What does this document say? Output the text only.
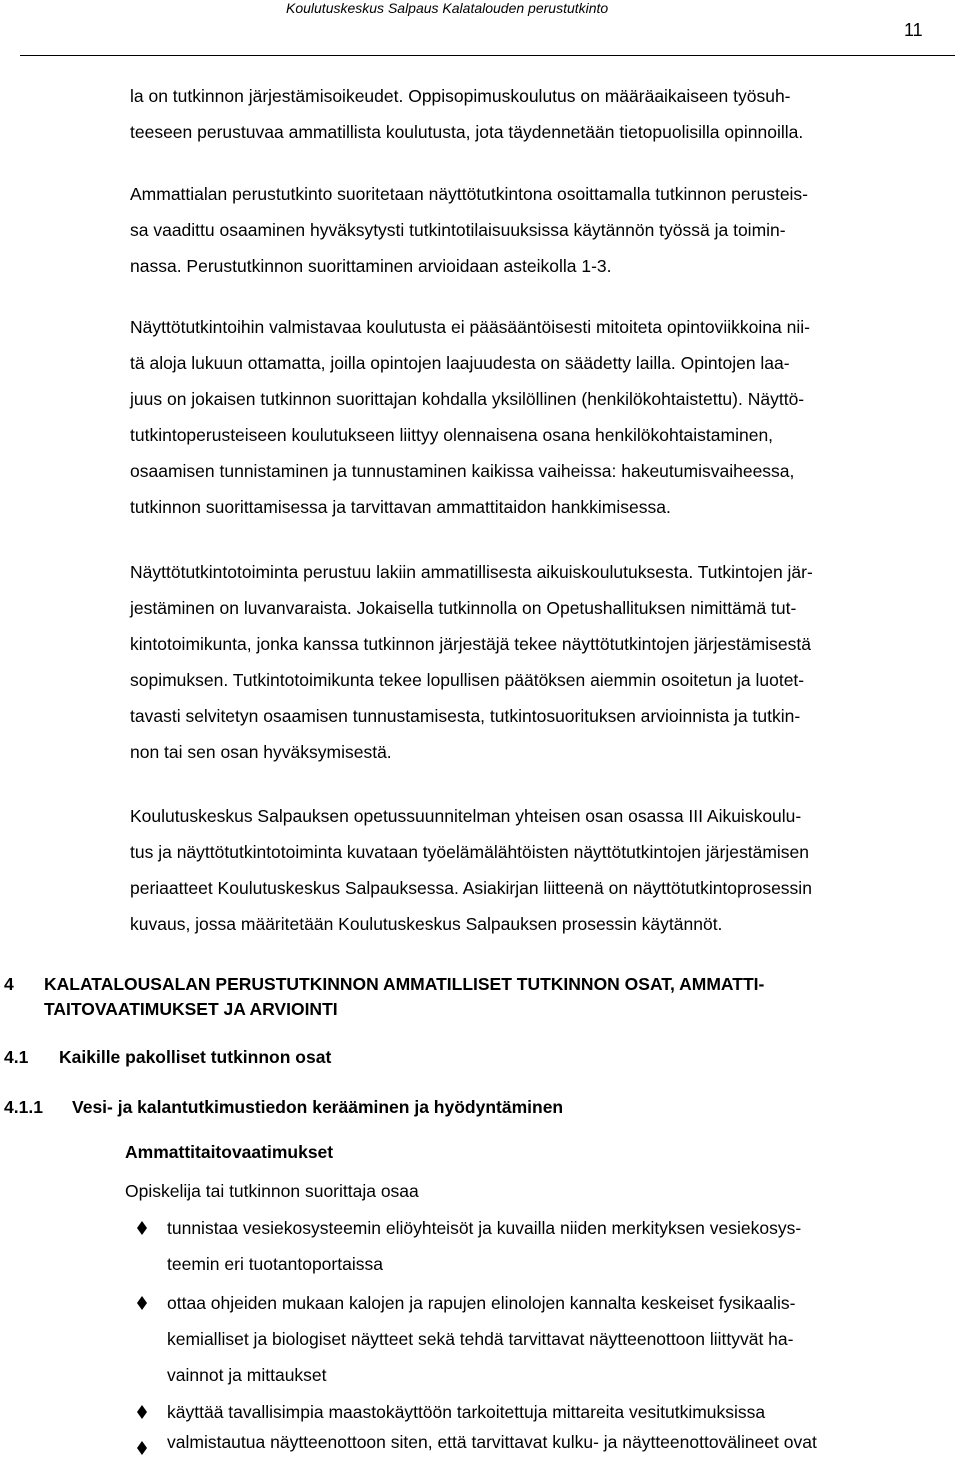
Koulutuskeskus Salpaus Kalatalouden perustutkinto
11

la on tutkinnon järjestämisoikeudet. Oppisopimuskoulutus on määräaikaiseen työsuh-
teeseen perustuvaa ammatillista koulutusta, jota täydennetään tietopuolisilla opinnoilla.

Ammattialan perustutkinto suoritetaan näyttötutkintona osoittamalla tutkinnon perusteis-
sa vaadittu osaaminen hyväksytysti tutkintotilaisuuksissa käytännön työssä ja toimin-
nassa. Perustutkinnon suorittaminen arvioidaan asteikolla 1-3.

Näyttötutkintoihin valmistavaa koulutusta ei pääsääntöisesti mitoiteta opintoviikkoina nii-
tä aloja lukuun ottamatta, joilla opintojen laajuudesta on säädetty lailla. Opintojen laa-
juus on jokaisen tutkinnon suorittajan kohdalla yksilöllinen (henkilökohtaistettu). Näyttö-
tutkintoperusteiseen koulutukseen liittyy olennaisena osana henkilökohtaistaminen,
osaamisen tunnistaminen ja tunnustaminen kaikissa vaiheissa: hakeutumisvaiheessa,
tutkinnon suorittamisessa ja tarvittavan ammattitaidon hankkimisessa.

Näyttötutkintotoiminta perustuu lakiin ammatillisesta aikuiskoulutuksesta. Tutkintojen jär-
jestäminen on luvanvaraista. Jokaisella tutkinnolla on Opetushallituksen nimittämä tut-
kintotoimikunta, jonka kanssa tutkinnon järjestäjä tekee näyttötutkintojen järjestämisestä
sopimuksen. Tutkintotoimikunta tekee lopullisen päätöksen aiemmin osoitetun ja luotet-
tavasti selvitetyn osaamisen tunnustamisesta, tutkintosuorituksen arvioinnista ja tutkin-
non tai sen osan hyväksymisestä.

Koulutuskeskus Salpauksen opetussuunnitelman yhteisen osan osassa III Aikuiskoulu-
tus ja näyttötutkintotoiminta kuvataan työelämälähtöisten näyttötutkintojen järjestämisen
periaatteet Koulutuskeskus Salpauksessa. Asiakirjan liitteenä on näyttötutkintoprosessin
kuvaus, jossa määritetään Koulutuskeskus Salpauksen prosessin käytännöt.

4 KALATALOUSALAN PERUSTUTKINNON AMMATILLISET TUTKINNON OSAT, AMMATTI-
TAITOVAATIMUKSET JA ARVIOINTI
4.1 Kaikille pakolliset tutkinnon osat
4.1.1 Vesi- ja kalantutkimustiedon kerääminen ja hyödyntäminen
Ammattitaitovaatimukset
Opiskelija tai tutkinnon suorittaja osaa
tunnistaa vesiekosysteemin eliöyhteisöt ja kuvailla niiden merkityksen vesiekosys-
teemin eri tuotantoportaissa
ottaa ohjeiden mukaan kalojen ja rapujen elinolojen kannalta keskeiset fysikaalis-
kemialliset ja biologiset näytteet sekä tehdä tarvittavat näytteenottoon liittyvät ha-
vainnot ja mittaukset
käyttää tavallisimpia maastokäyttöön tarkoitettuja mittareita vesitutkimuksissa
valmistautua näytteenottoon siten, että tarvittavat kulku- ja näytteenottovälineet ovat
